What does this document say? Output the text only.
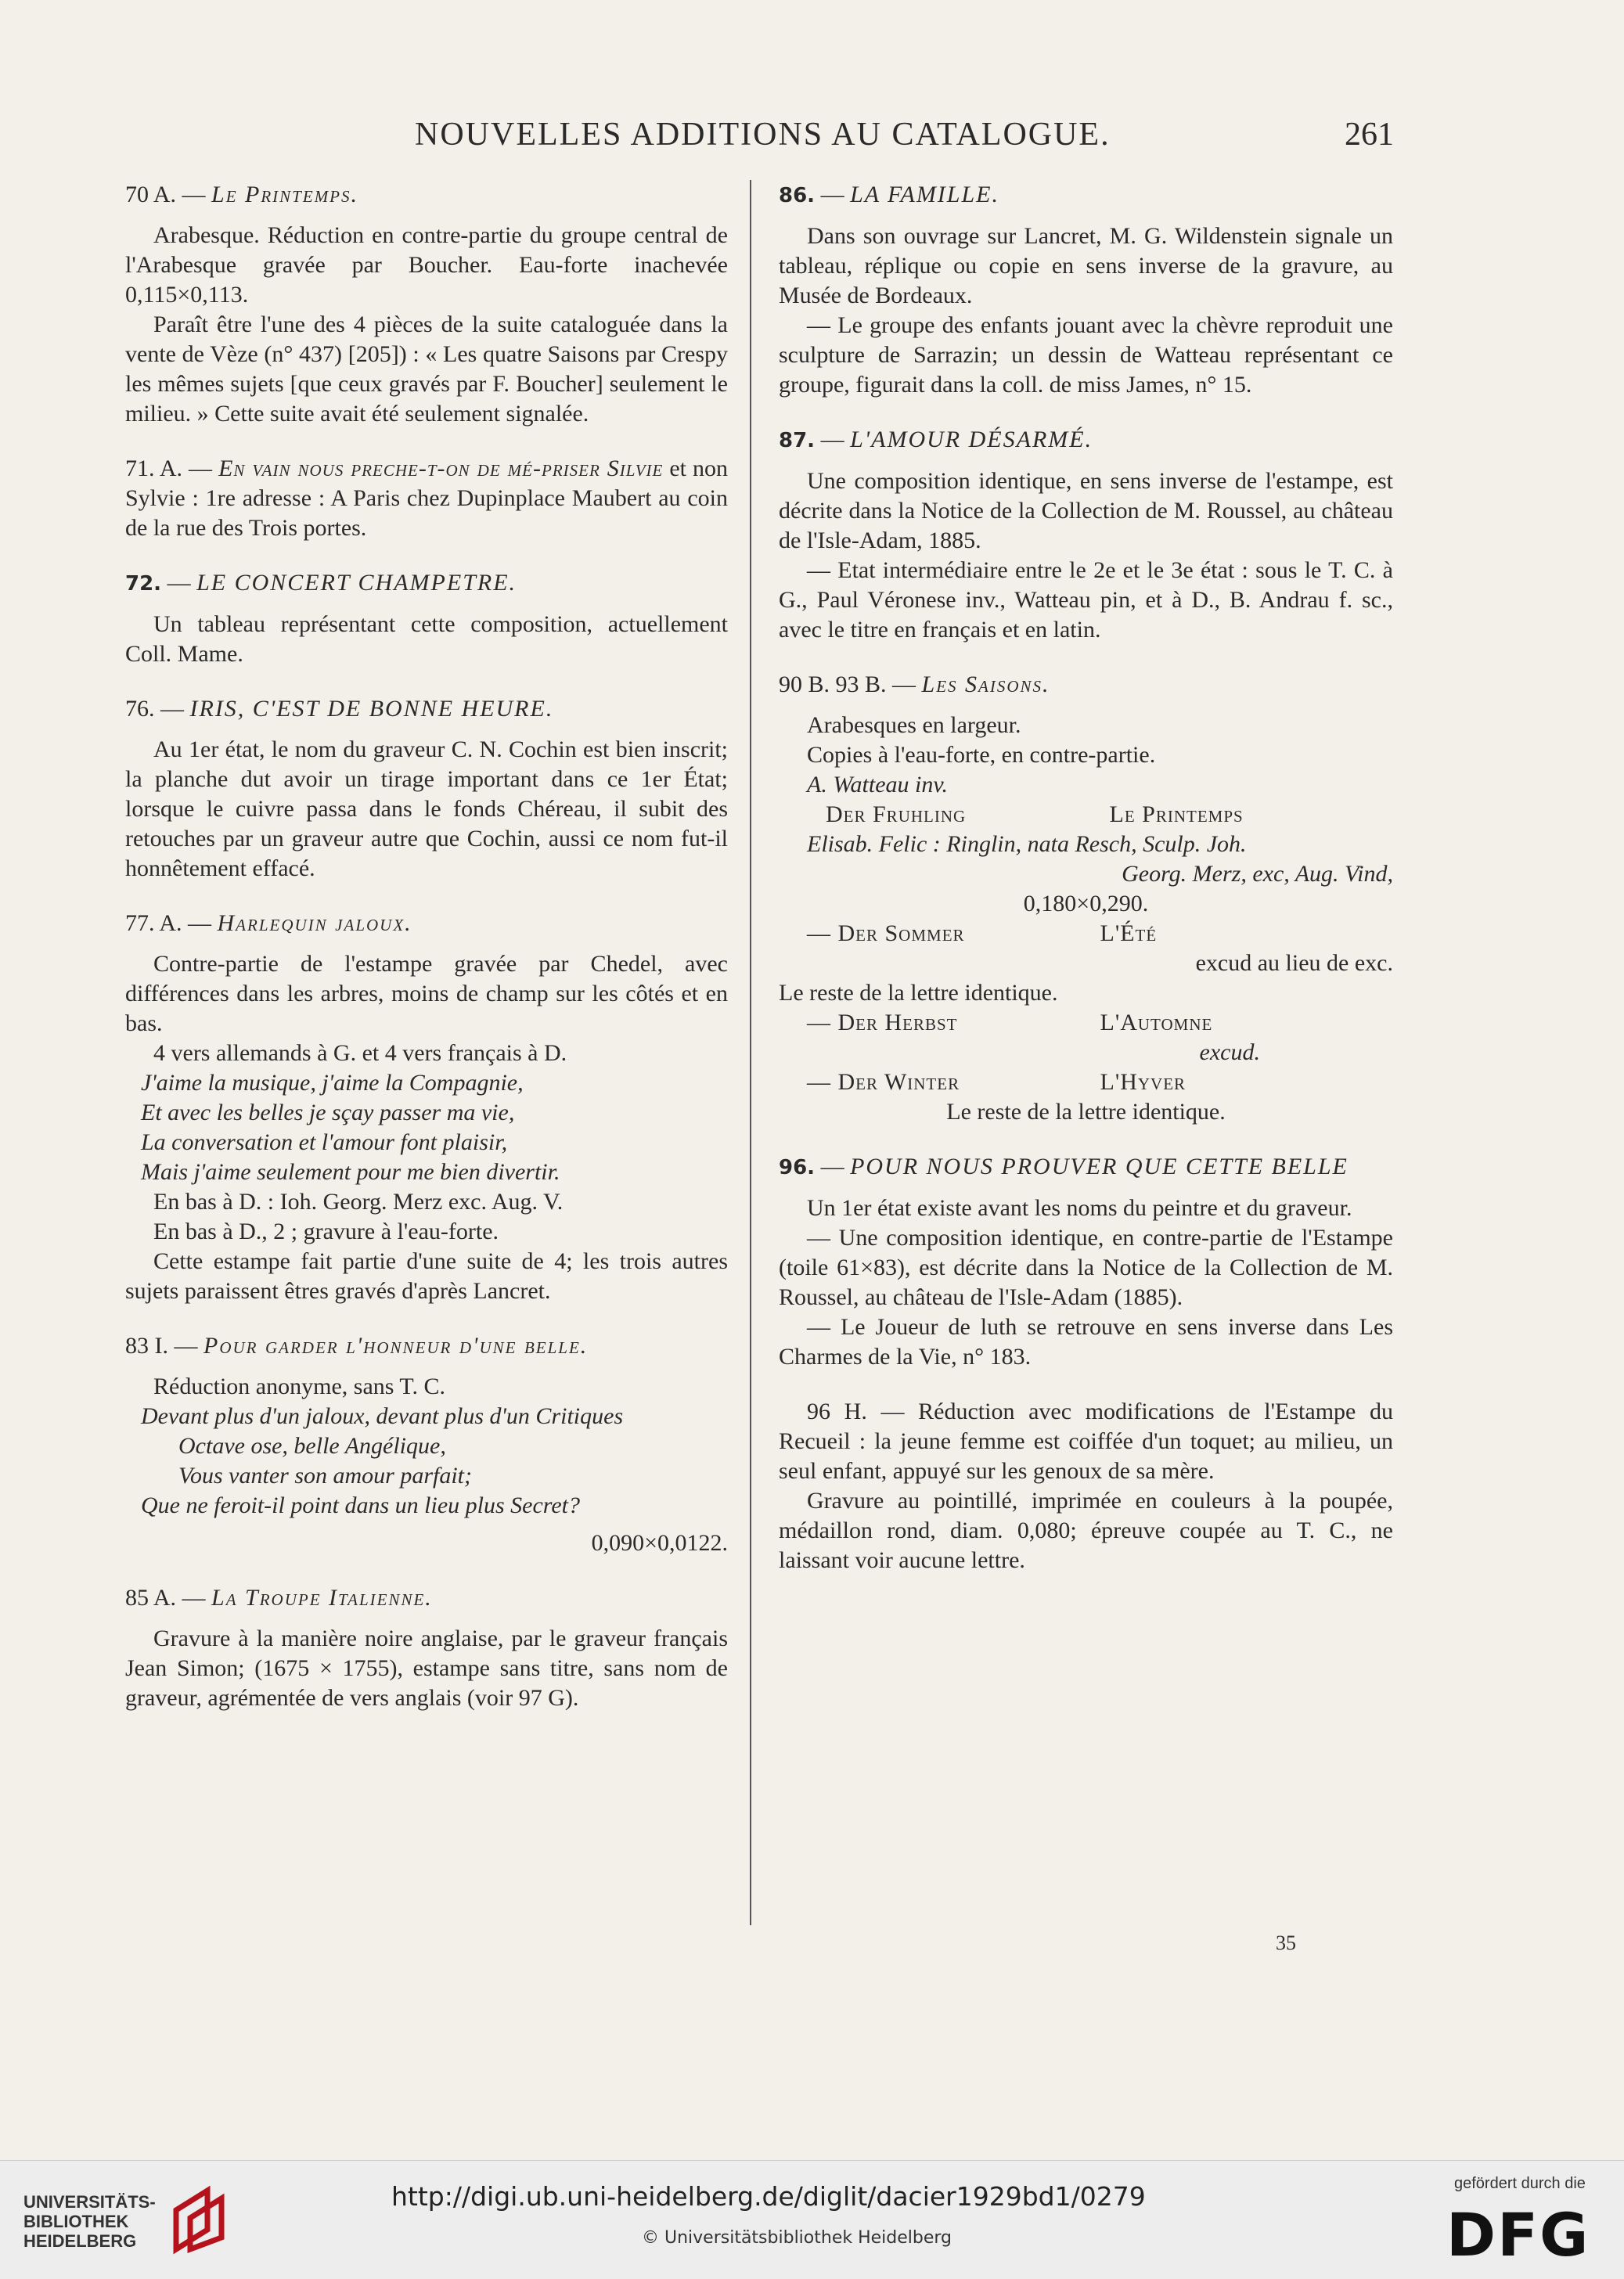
NOUVELLES ADDITIONS AU CATALOGUE.	261
70 A. — Le Printemps.

Arabesque. Réduction en contre-partie du groupe central de l'Arabesque gravée par Boucher. Eau-forte inachevée 0,115×0,113.

Paraît être l'une des 4 pièces de la suite cataloguée dans la vente de Vèze (n° 437) [205]) : « Les quatre Saisons par Crespy les mêmes sujets [que ceux gravés par F. Boucher] seulement le milieu. » Cette suite avait été seulement signalée.

71. A. — En vain nous preche-t-on de mé-priser Silvie et non Sylvie : 1re adresse : A Paris chez Dupinplace Maubert au coin de la rue des Trois portes.

72. — LE CONCERT CHAMPETRE.

Un tableau représentant cette composition, actuellement Coll. Mame.

76. — IRIS, C'EST DE BONNE HEURE.

Au 1er état, le nom du graveur C. N. Cochin est bien inscrit; la planche dut avoir un tirage important dans ce 1er État; lorsque le cuivre passa dans le fonds Chéreau, il subit des retouches par un graveur autre que Cochin, aussi ce nom fut-il honnêtement effacé.

77. A. — Harlequin jaloux.

Contre-partie de l'estampe gravée par Chedel, avec différences dans les arbres, moins de champ sur les côtés et en bas.

4 vers allemands à G. et 4 vers français à D.

J'aime la musique, j'aime la Compagnie,
Et avec les belles je sçay passer ma vie,
La conversation et l'amour font plaisir,
Mais j'aime seulement pour me bien divertir.

En bas à D. : Ioh. Georg. Merz exc. Aug. V.

En bas à D., 2 ; gravure à l'eau-forte.

Cette estampe fait partie d'une suite de 4; les trois autres sujets paraissent êtres gravés d'après Lancret.

83 I. — Pour garder l'honneur d'une belle.

Réduction anonyme, sans T. C.

Devant plus d'un jaloux, devant plus d'un Critiques
Octave ose, belle Angélique,
Vous vanter son amour parfait;
Que ne feroit-il point dans un lieu plus Secret?

0,090×0,0122.

85 A. — La Troupe Italienne.

Gravure à la manière noire anglaise, par le graveur français Jean Simon; (1675 × 1755), estampe sans titre, sans nom de graveur, agrémentée de vers anglais (voir 97 G).

86. — LA FAMILLE.

Dans son ouvrage sur Lancret, M. G. Wildenstein signale un tableau, réplique ou copie en sens inverse de la gravure, au Musée de Bordeaux.

— Le groupe des enfants jouant avec la chèvre reproduit une sculpture de Sarrazin; un dessin de Watteau représentant ce groupe, figurait dans la coll. de miss James, n° 15.

87. — L'AMOUR DÉSARMÉ.

Une composition identique, en sens inverse de l'estampe, est décrite dans la Notice de la Collection de M. Roussel, au château de l'Isle-Adam, 1885.

— Etat intermédiaire entre le 2e et le 3e état : sous le T. C. à G., Paul Véronese inv., Watteau pin, et à D., B. Andrau f. sc., avec le titre en français et en latin.

90 B. 93 B. — Les Saisons.

Arabesques en largeur.

Copies à l'eau-forte, en contre-partie.

A. Watteau inv.

Der Fruhling	Le Printemps

Elisab. Felic : Ringlin, nata Resch, Sculp. Joh.

Georg. Merz, exc, Aug. Vind,

0,180×0,290.

— Der Sommer	L'Été

excud au lieu de exc.

Le reste de la lettre identique.

— Der Herbst	L'Automne

excud.

— Der Winter	L'Hyver

Le reste de la lettre identique.

96. — POUR NOUS PROUVER QUE CETTE BELLE

Un 1er état existe avant les noms du peintre et du graveur.

— Une composition identique, en contre-partie de l'Estampe (toile 61×83), est décrite dans la Notice de la Collection de M. Roussel, au château de l'Isle-Adam (1885).

— Le Joueur de luth se retrouve en sens inverse dans Les Charmes de la Vie, n° 183.

96 H. — Réduction avec modifications de l'Estampe du Recueil : la jeune femme est coiffée d'un toquet; au milieu, un seul enfant, appuyé sur les genoux de sa mère.

Gravure au pointillé, imprimée en couleurs à la poupée, médaillon rond, diam. 0,080; épreuve coupée au T. C., ne laissant voir aucune lettre.

35
UNIVERSITÄTS-
BIBLIOTHEK
HEIDELBERG
http://digi.ub.uni-heidelberg.de/diglit/dacier1929bd1/0279
© Universitätsbibliothek Heidelberg
gefördert durch die
DFG
